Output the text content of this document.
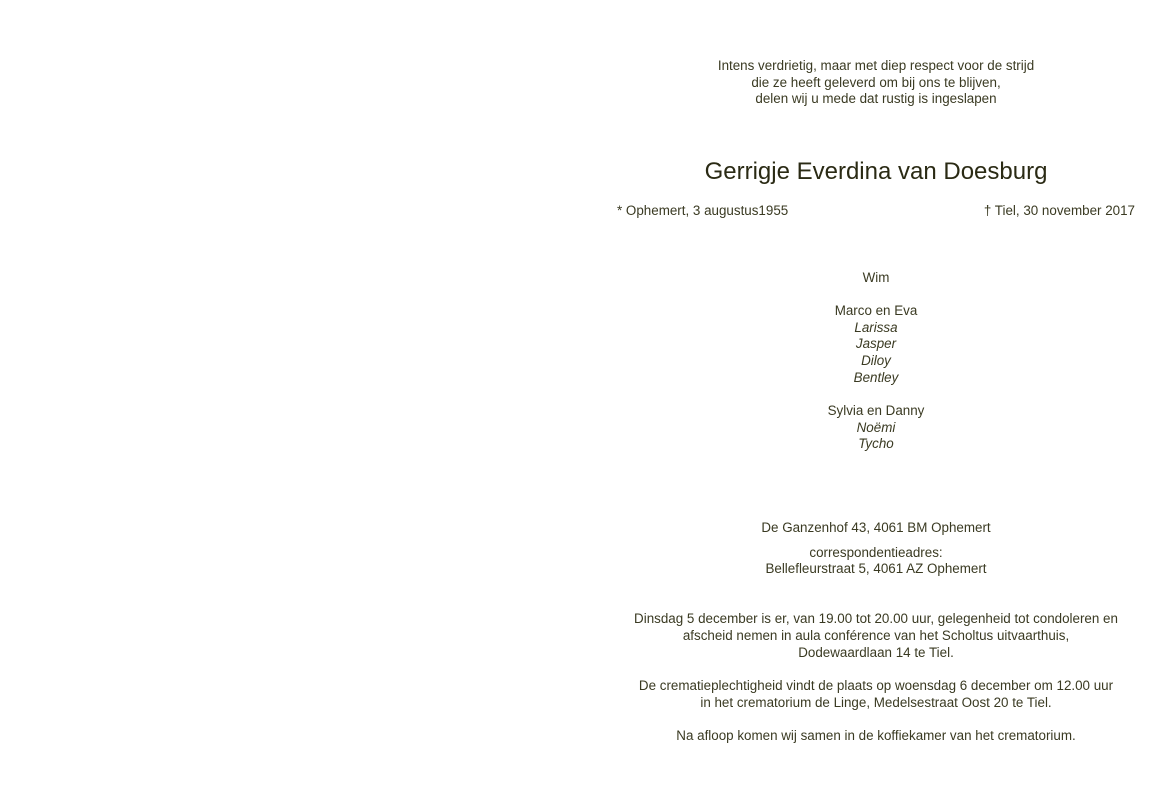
Intens verdrietig, maar met diep respect voor de strijd
die ze heeft geleverd om bij ons te blijven,
delen wij u mede dat rustig is ingeslapen
Gerrigje Everdina van Doesburg
* Ophemert, 3 augustus1955	† Tiel, 30 november 2017
Wim
Marco en Eva
Larissa
Jasper
Diloy
Bentley
Sylvia en Danny
Noëmi
Tycho
De Ganzenhof 43, 4061 BM Ophemert
correspondentieadres:
Bellefleurstraat 5, 4061 AZ Ophemert
Dinsdag 5 december is er, van 19.00 tot 20.00 uur, gelegenheid tot condoleren en
afscheid nemen in aula conférence van het Scholtus uitvaarthuis,
Dodewaardlaan 14 te Tiel.
De crematieplechtigheid vindt de plaats op woensdag 6 december om 12.00 uur
in het crematorium de Linge, Medelsestraat Oost 20 te Tiel.
Na afloop komen wij samen in de koffiekamer van het crematorium.
